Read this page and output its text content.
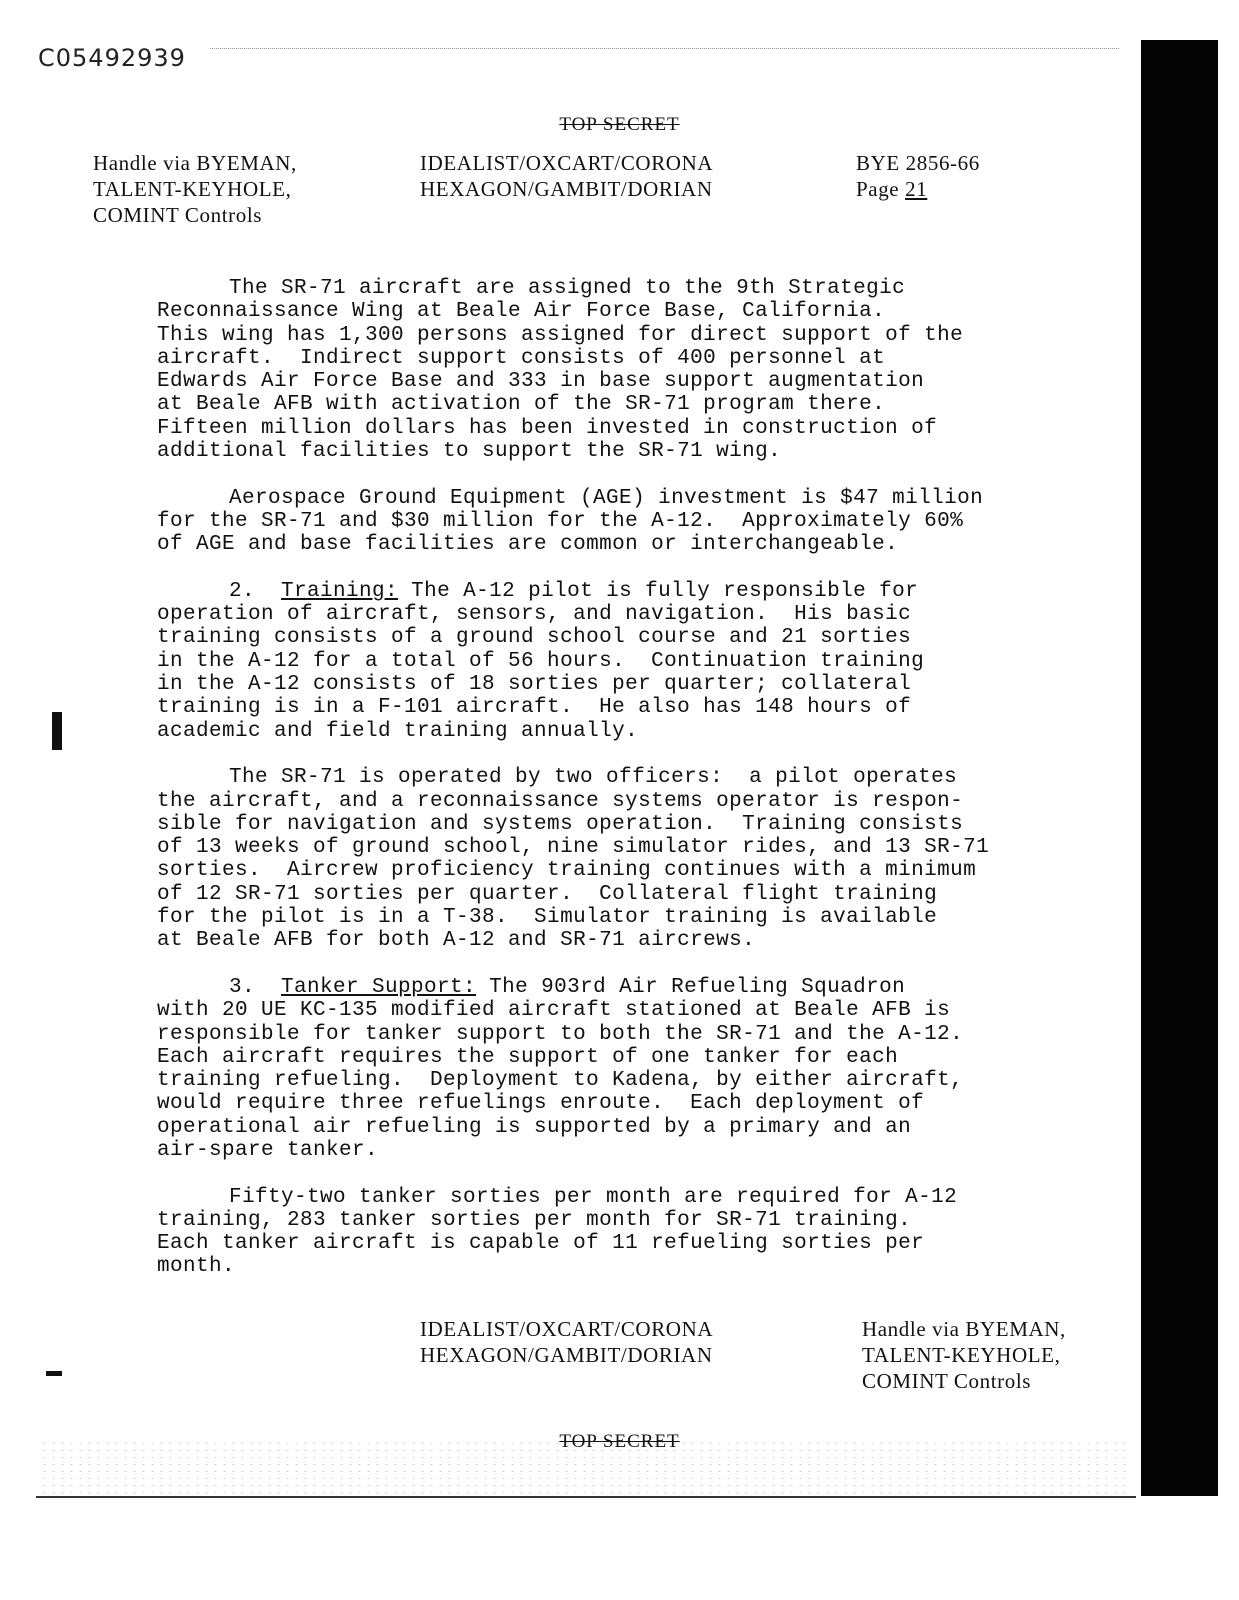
C05492939
TOP SECRET
Handle via BYEMAN,
TALENT-KEYHOLE,
COMINT Controls
IDEALIST/OXCART/CORONA
HEXAGON/GAMBIT/DORIAN
BYE 2856-66
Page 21
The SR-71 aircraft are assigned to the 9th Strategic
Reconnaissance Wing at Beale Air Force Base, California.
This wing has 1,300 persons assigned for direct support of the
aircraft.  Indirect support consists of 400 personnel at
Edwards Air Force Base and 333 in base support augmentation
at Beale AFB with activation of the SR-71 program there.
Fifteen million dollars has been invested in construction of
additional facilities to support the SR-71 wing.
Aerospace Ground Equipment (AGE) investment is $47 million
for the SR-71 and $30 million for the A-12.  Approximately 60%
of AGE and base facilities are common or interchangeable.
2. Training: The A-12 pilot is fully responsible for
operation of aircraft, sensors, and navigation.  His basic
training consists of a ground school course and 21 sorties
in the A-12 for a total of 56 hours.  Continuation training
in the A-12 consists of 18 sorties per quarter; collateral
training is in a F-101 aircraft.  He also has 148 hours of
academic and field training annually.
The SR-71 is operated by two officers:  a pilot operates
the aircraft, and a reconnaissance systems operator is respon-
sible for navigation and systems operation.  Training consists
of 13 weeks of ground school, nine simulator rides, and 13 SR-71
sorties.  Aircrew proficiency training continues with a minimum
of 12 SR-71 sorties per quarter.  Collateral flight training
for the pilot is in a T-38.  Simulator training is available
at Beale AFB for both A-12 and SR-71 aircrews.
3. Tanker Support: The 903rd Air Refueling Squadron
with 20 UE KC-135 modified aircraft stationed at Beale AFB is
responsible for tanker support to both the SR-71 and the A-12.
Each aircraft requires the support of one tanker for each
training refueling.  Deployment to Kadena, by either aircraft,
would require three refuelings enroute.  Each deployment of
operational air refueling is supported by a primary and an
air-spare tanker.
Fifty-two tanker sorties per month are required for A-12
training, 283 tanker sorties per month for SR-71 training.
Each tanker aircraft is capable of 11 refueling sorties per
month.
IDEALIST/OXCART/CORONA
HEXAGON/GAMBIT/DORIAN
Handle via BYEMAN,
TALENT-KEYHOLE,
COMINT Controls
TOP SECRET
